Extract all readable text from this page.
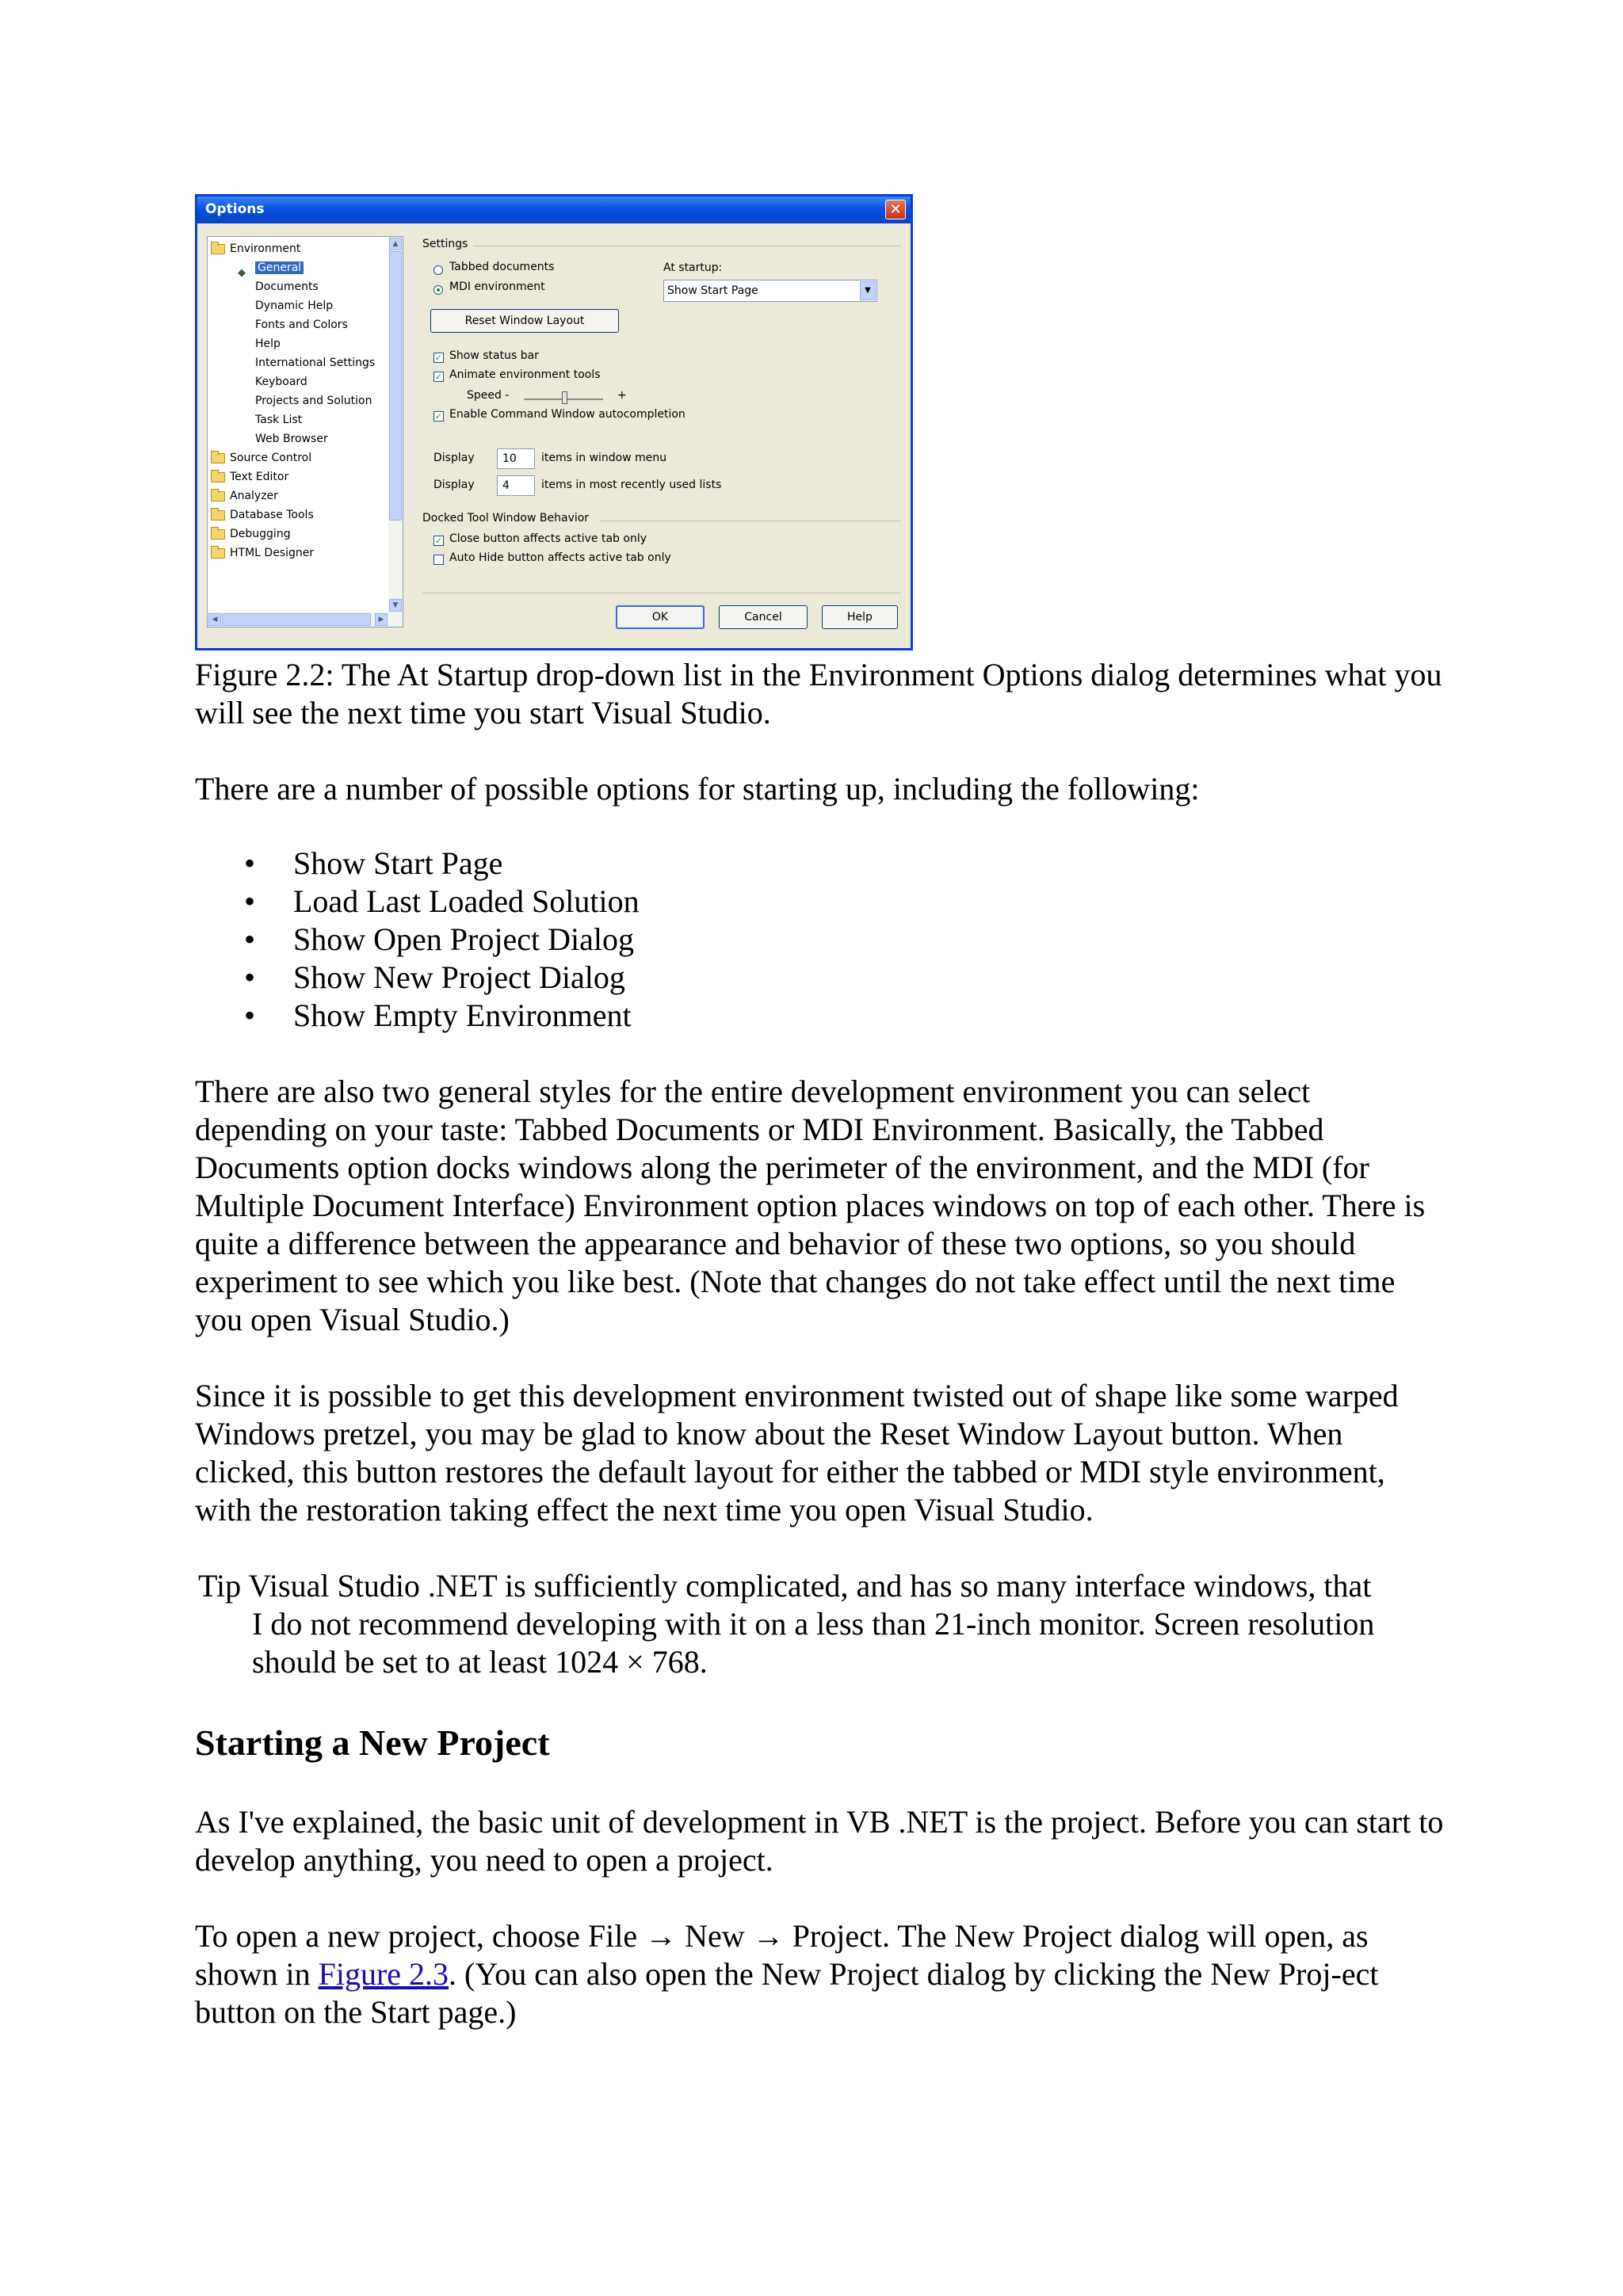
Options	✕
Environment
◆ General
Documents
Dynamic Help
Fonts and Colors
Help
International Settings
Keyboard
Projects and Solution
Task List
Web Browser
Source Control
Text Editor
Analyzer
Database Tools
Debugging
HTML Designer
▲
▼
◀	▶
Settings
Tabbed documents
MDI environment
At startup:
Show Start Page	▼
Reset Window Layout
✓ Show status bar
✓ Animate environment tools
Speed -	+
✓ Enable Command Window autocompletion
Display	10	items in window menu
Display	4	items in most recently used lists
Docked Tool Window Behavior
✓ Close button affects active tab only
Auto Hide button affects active tab only
OK	Cancel	Help
Figure 2.2: The At Startup drop-down list in the Environment Options dialog determines what you will see the next time you start Visual Studio.
There are a number of possible options for starting up, including the following:
• Show Start Page
• Load Last Loaded Solution
• Show Open Project Dialog
• Show New Project Dialog
• Show Empty Environment
There are also two general styles for the entire development environment you can select depending on your taste: Tabbed Documents or MDI Environment. Basically, the Tabbed Documents option docks windows along the perimeter of the environment, and the MDI (for Multiple Document Interface) Environment option places windows on top of each other. There is quite a difference between the appearance and behavior of these two options, so you should experiment to see which you like best. (Note that changes do not take effect until the next time you open Visual Studio.)
Since it is possible to get this development environment twisted out of shape like some warped Windows pretzel, you may be glad to know about the Reset Window Layout button. When clicked, this button restores the default layout for either the tabbed or MDI style environment, with the restoration taking effect the next time you open Visual Studio.
Tip Visual Studio .NET is sufficiently complicated, and has so many interface windows, that
I do not recommend developing with it on a less than 21-inch monitor. Screen resolution should be set to at least 1024 × 768.
Starting a New Project
As I've explained, the basic unit of development in VB .NET is the project. Before you can start to develop anything, you need to open a project.
To open a new project, choose File → New → Project. The New Project dialog will open, as shown in Figure 2.3. (You can also open the New Project dialog by clicking the New Proj-ect button on the Start page.)
